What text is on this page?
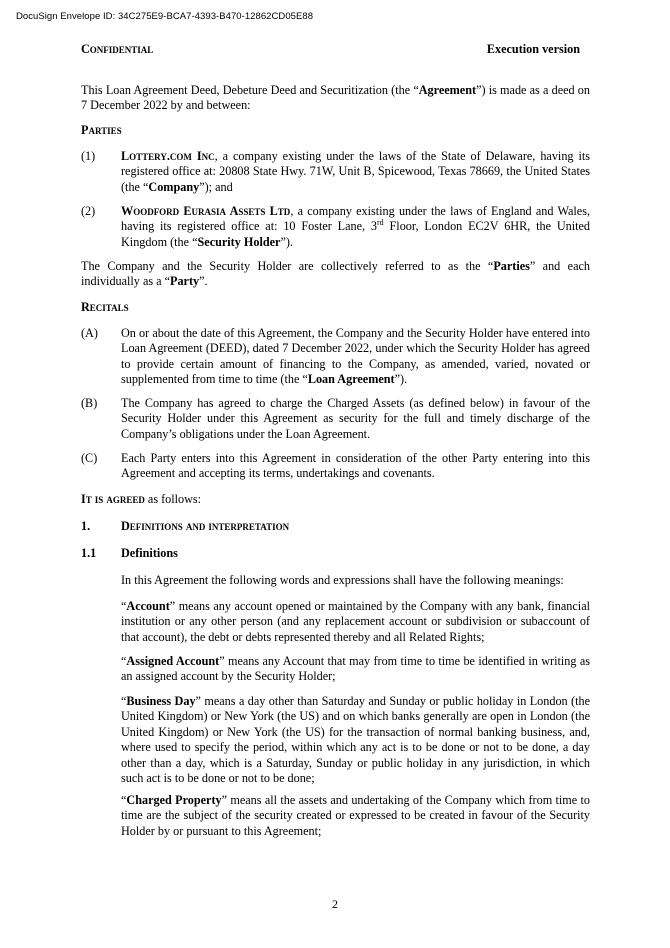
DocuSign Envelope ID: 34C275E9-BCA7-4393-B470-12862CD05E88
Confidential	Execution version
This Loan Agreement Deed, Debeture Deed and Securitization (the “Agreement”) is made as a deed on 7 December 2022 by and between:
Parties
(1) Lottery.com Inc, a company existing under the laws of the State of Delaware, having its registered office at: 20808 State Hwy. 71W, Unit B, Spicewood, Texas 78669, the United States (the “Company”); and
(2) Woodford Eurasia Assets Ltd, a company existing under the laws of England and Wales, having its registered office at: 10 Foster Lane, 3rd Floor, London EC2V 6HR, the United Kingdom (the “Security Holder”).
The Company and the Security Holder are collectively referred to as the “Parties” and each individually as a “Party”.
Recitals
(A) On or about the date of this Agreement, the Company and the Security Holder have entered into Loan Agreement (DEED), dated 7 December 2022, under which the Security Holder has agreed to provide certain amount of financing to the Company, as amended, varied, novated or supplemented from time to time (the “Loan Agreement”).
(B) The Company has agreed to charge the Charged Assets (as defined below) in favour of the Security Holder under this Agreement as security for the full and timely discharge of the Company’s obligations under the Loan Agreement.
(C) Each Party enters into this Agreement in consideration of the other Party entering into this Agreement and accepting its terms, undertakings and covenants.
It is agreed as follows:
1.	Definitions and interpretation
1.1 Definitions
In this Agreement the following words and expressions shall have the following meanings:
“Account” means any account opened or maintained by the Company with any bank, financial institution or any other person (and any replacement account or subdivision or subaccount of that account), the debt or debts represented thereby and all Related Rights;
“Assigned Account” means any Account that may from time to time be identified in writing as an assigned account by the Security Holder;
“Business Day” means a day other than Saturday and Sunday or public holiday in London (the United Kingdom) or New York (the US) and on which banks generally are open in London (the United Kingdom) or New York (the US) for the transaction of normal banking business, and, where used to specify the period, within which any act is to be done or not to be done, a day other than a day, which is a Saturday, Sunday or public holiday in any jurisdiction, in which such act is to be done or not to be done;
“Charged Property” means all the assets and undertaking of the Company which from time to time are the subject of the security created or expressed to be created in favour of the Security Holder by or pursuant to this Agreement;
2
